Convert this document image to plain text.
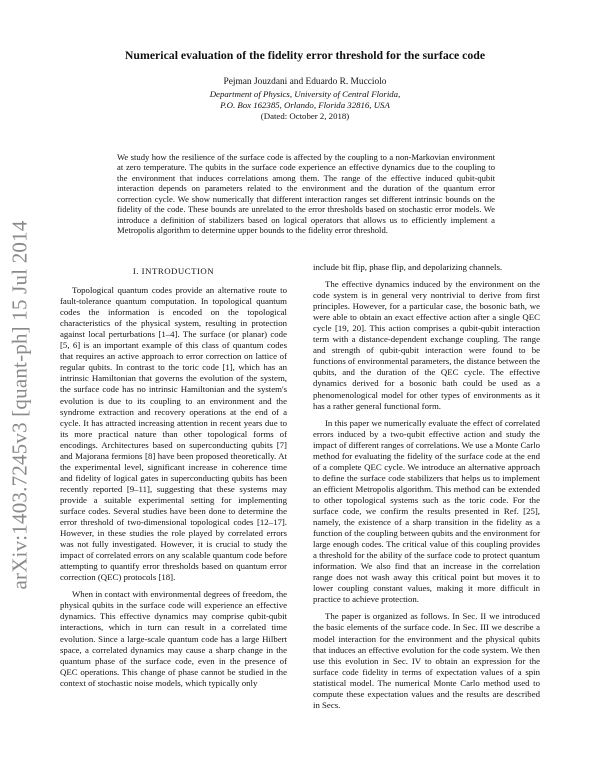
arXiv:1403.7245v3 [quant-ph] 15 Jul 2014
Numerical evaluation of the fidelity error threshold for the surface code
Pejman Jouzdani and Eduardo R. Mucciolo
Department of Physics, University of Central Florida,
P.O. Box 162385, Orlando, Florida 32816, USA
(Dated: October 2, 2018)
We study how the resilience of the surface code is affected by the coupling to a non-Markovian environment at zero temperature. The qubits in the surface code experience an effective dynamics due to the coupling to the environment that induces correlations among them. The range of the effective induced qubit-qubit interaction depends on parameters related to the environment and the duration of the quantum error correction cycle. We show numerically that different interaction ranges set different intrinsic bounds on the fidelity of the code. These bounds are unrelated to the error thresholds based on stochastic error models. We introduce a definition of stabilizers based on logical operators that allows us to efficiently implement a Metropolis algorithm to determine upper bounds to the fidelity error threshold.
I. INTRODUCTION

Topological quantum codes provide an alternative route to fault-tolerance quantum computation. In topological quantum codes the information is encoded on the topological characteristics of the physical system, resulting in protection against local perturbations [1–4]. The surface (or planar) code [5, 6] is an important example of this class of quantum codes that requires an active approach to error correction on lattice of regular qubits. In contrast to the toric code [1], which has an intrinsic Hamiltonian that governs the evolution of the system, the surface code has no intrinsic Hamiltonian and the system's evolution is due to its coupling to an environment and the syndrome extraction and recovery operations at the end of a cycle. It has attracted increasing attention in recent years due to its more practical nature than other topological forms of encodings. Architectures based on superconducting qubits [7] and Majorana fermions [8] have been proposed theoretically. At the experimental level, significant increase in coherence time and fidelity of logical gates in superconducting qubits has been recently reported [9–11], suggesting that these systems may provide a suitable experimental setting for implementing surface codes. Several studies have been done to determine the error threshold of two-dimensional topological codes [12–17]. However, in these studies the role played by correlated errors was not fully investigated. However, it is crucial to study the impact of correlated errors on any scalable quantum code before attempting to quantify error thresholds based on quantum error correction (QEC) protocols [18].

When in contact with environmental degrees of freedom, the physical qubits in the surface code will experience an effective dynamics. This effective dynamics may comprise qubit-qubit interactions, which in turn can result in a correlated time evolution. Since a large-scale quantum code has a large Hilbert space, a correlated dynamics may cause a sharp change in the quantum phase of the surface code, even in the presence of QEC operations. This change of phase cannot be studied in the context of stochastic noise models, which typically only

include bit flip, phase flip, and depolarizing channels.

The effective dynamics induced by the environment on the code system is in general very nontrivial to derive from first principles. However, for a particular case, the bosonic bath, we were able to obtain an exact effective action after a single QEC cycle [19, 20]. This action comprises a qubit-qubit interaction term with a distance-dependent exchange coupling. The range and strength of qubit-qubit interaction were found to be functions of environmental parameters, the distance between the qubits, and the duration of the QEC cycle. The effective dynamics derived for a bosonic bath could be used as a phenomenological model for other types of environments as it has a rather general functional form.

In this paper we numerically evaluate the effect of correlated errors induced by a two-qubit effective action and study the impact of different ranges of correlations. We use a Monte Carlo method for evaluating the fidelity of the surface code at the end of a complete QEC cycle. We introduce an alternative approach to define the surface code stabilizers that helps us to implement an efficient Metropolis algorithm. This method can be extended to other topological systems such as the toric code. For the surface code, we confirm the results presented in Ref. [25], namely, the existence of a sharp transition in the fidelity as a function of the coupling between qubits and the environment for large enough codes. The critical value of this coupling provides a threshold for the ability of the surface code to protect quantum information. We also find that an increase in the correlation range does not wash away this critical point but moves it to lower coupling constant values, making it more difficult in practice to achieve protection.

The paper is organized as follows. In Sec. II we introduced the basic elements of the surface code. In Sec. III we describe a model interaction for the environment and the physical qubits that induces an effective evolution for the code system. We then use this evolution in Sec. IV to obtain an expression for the surface code fidelity in terms of expectation values of a spin statistical model. The numerical Monte Carlo method used to compute these expectation values and the results are described in Secs.
